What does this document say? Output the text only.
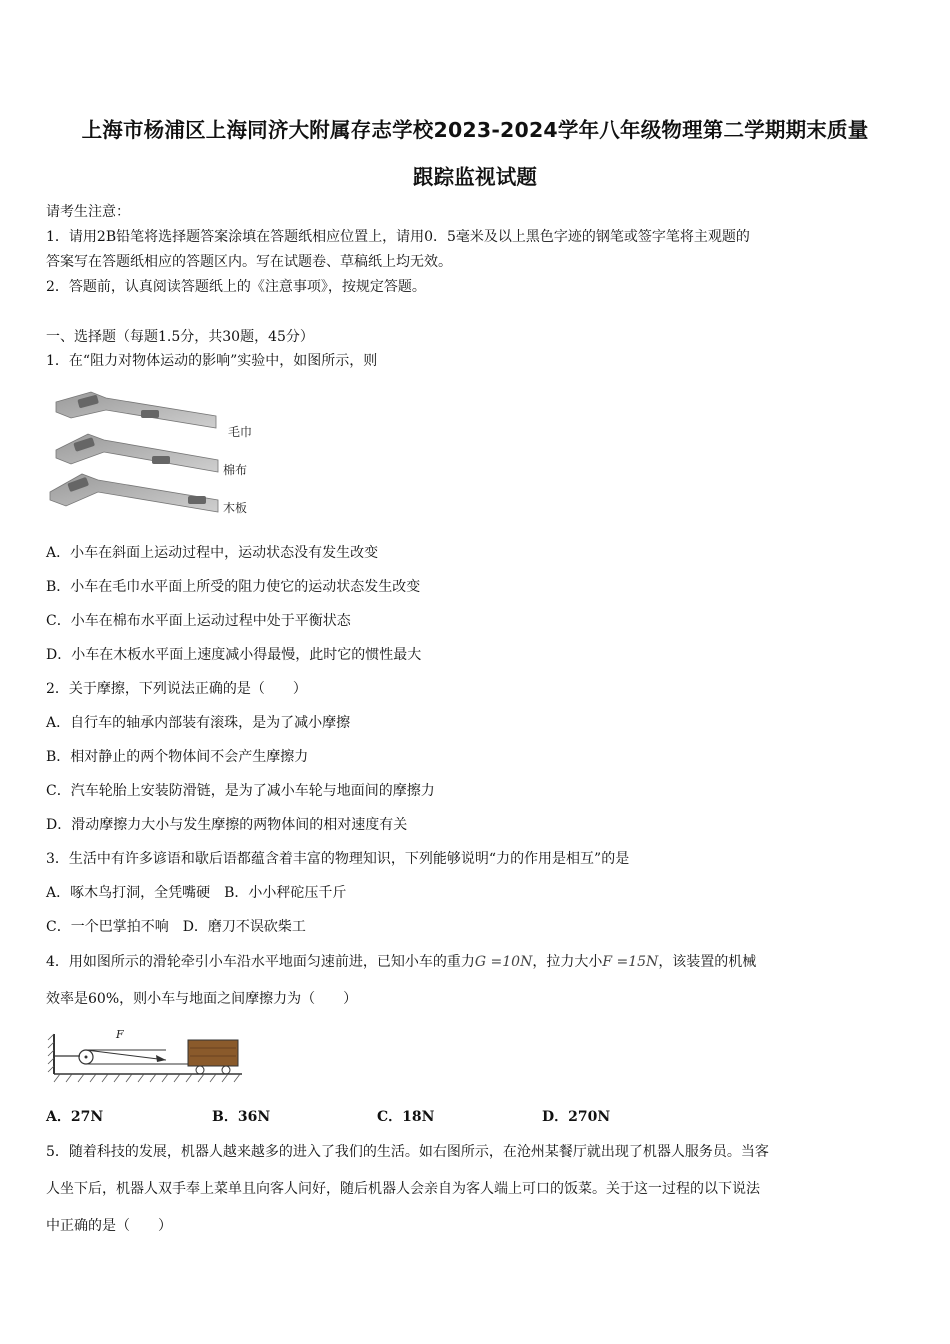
上海市杨浦区上海同济大附属存志学校2023-2024学年八年级物理第二学期期末质量
跟踪监视试题
请考生注意：
1．请用2B铅笔将选择题答案涂填在答题纸相应位置上，请用0．5毫米及以上黑色字迹的钢笔或签字笔将主观题的
答案写在答题纸相应的答题区内。写在试题卷、草稿纸上均无效。
2．答题前，认真阅读答题纸上的《注意事项》，按规定答题。
一、选择题（每题1.5分，共30题，45分）
1．在“阻力对物体运动的影响”实验中，如图所示，则
毛巾
棉布
木板
A．小车在斜面上运动过程中，运动状态没有发生改变
B．小车在毛巾水平面上所受的阻力使它的运动状态发生改变
C．小车在棉布水平面上运动过程中处于平衡状态
D．小车在木板水平面上速度减小得最慢，此时它的惯性最大
2．关于摩擦，下列说法正确的是（　　）
A．自行车的轴承内部装有滚珠，是为了减小摩擦
B．相对静止的两个物体间不会产生摩擦力
C．汽车轮胎上安装防滑链，是为了减小车轮与地面间的摩擦力
D．滑动摩擦力大小与发生摩擦的两物体间的相对速度有关
3．生活中有许多谚语和歇后语都蕴含着丰富的物理知识，下列能够说明“力的作用是相互”的是
A．啄木鸟打洞，全凭嘴硬　B．小小秤砣压千斤
C．一个巴掌拍不响　D．磨刀不误砍柴工
4．用如图所示的滑轮牵引小车沿水平地面匀速前进，已知小车的重力G =10N，拉力大小F =15N，该装置的机械
效率是60%，则小车与地面之间摩擦力为（　　）
F
A．27N	B．36N	C．18N	D．270N
5．随着科技的发展，机器人越来越多的进入了我们的生活。如右图所示，在沧州某餐厅就出现了机器人服务员。当客
人坐下后，机器人双手奉上菜单且向客人问好，随后机器人会亲自为客人端上可口的饭菜。关于这一过程的以下说法
中正确的是（　　）
